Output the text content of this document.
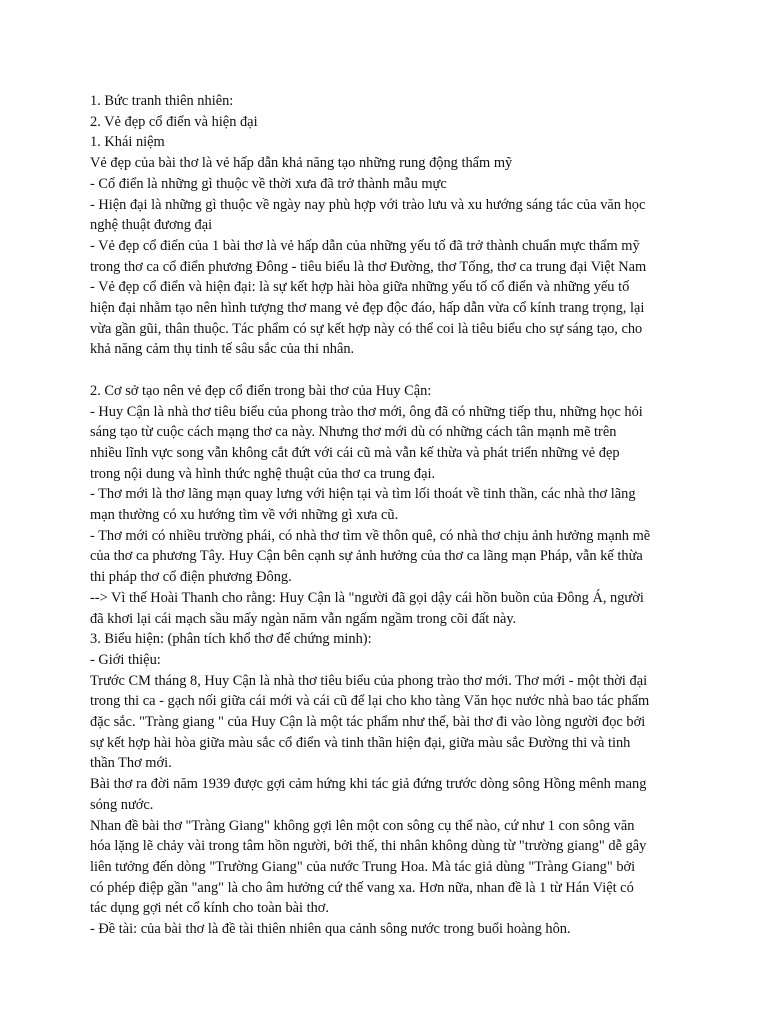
1. Bức tranh thiên nhiên:
2. Vẻ đẹp cổ điển và hiện đại
1. Khái niệm
Vẻ đẹp của bài thơ là vẻ hấp dẫn khả năng tạo những rung động thẩm mỹ
- Cổ điển là những gì thuộc về thời xưa đã trở thành mẫu mực
- Hiện đại là những gì thuộc về ngày nay phù hợp với trào lưu và xu hướng sáng tác của văn học
nghệ thuật đương đại
- Vẻ đẹp cổ điển của 1 bài thơ là vẻ hấp dẫn của những yếu tố đã trở thành chuẩn mực thẩm mỹ
trong thơ ca cổ điển phương Đông - tiêu biểu là thơ Đường, thơ Tống, thơ ca trung đại Việt Nam
- Vẻ đẹp cổ điển và hiện đại: là sự kết hợp hài hòa giữa những yếu tố cổ điển và những yếu tố
hiện đại nhằm tạo nên hình tượng thơ mang vẻ đẹp độc đáo, hấp dẫn vừa cổ kính trang trọng, lại
vừa gần gũi, thân thuộc. Tác phẩm có sự kết hợp này có thể coi là tiêu biểu cho sự sáng tạo, cho
khả năng cảm thụ tinh tế sâu sắc của thi nhân.
2. Cơ sở tạo nên vẻ đẹp cổ điển trong bài thơ của Huy Cận:
- Huy Cận là nhà thơ tiêu biểu của phong trào thơ mới, ông đã có những tiếp thu, những học hỏi
sáng tạo từ cuộc cách mạng thơ ca này. Nhưng thơ mới dù có những cách tân mạnh mẽ trên
nhiều lĩnh vực song vẫn không cắt đứt với cái cũ mà vẫn kế thừa và phát triển những vẻ đẹp
trong nội dung và hình thức nghệ thuật của thơ ca trung đại.
- Thơ mới là thơ lãng mạn quay lưng với hiện tại và tìm lối thoát về tinh thần, các nhà thơ lãng
mạn thường có xu hướng tìm về với những gì xưa cũ.
- Thơ mới có nhiều trường phái, có nhà thơ tìm về thôn quê, có nhà thơ chịu ảnh hưởng mạnh mẽ
của thơ ca phương Tây. Huy Cận bên cạnh sự ảnh hưởng của thơ ca lãng mạn Pháp, vẫn kế thừa
thi pháp thơ cổ điện phương Đông.
--> Vì thế Hoài Thanh cho rằng: Huy Cận là "người đã gọi dậy cái hồn buồn của Đông Á, người
đã khơi lại cái mạch sầu mấy ngàn năm vẫn ngấm ngầm trong cõi đất này.
3. Biểu hiện: (phân tích khổ thơ để chứng minh):
- Giới thiệu:
Trước CM tháng 8, Huy Cận là nhà thơ tiêu biểu của phong trào thơ mới. Thơ mới - một thời đại
trong thi ca - gạch nối giữa cái mới và cái cũ để lại cho kho tàng Văn học nước nhà bao tác phẩm
đặc sắc. "Tràng giang " của Huy Cận là một tác phẩm như thế, bài thơ đi vào lòng người đọc bởi
sự kết hợp hài hòa giữa màu sắc cổ điển và tinh thần hiện đại, giữa màu sắc Đường thi và tinh
thần Thơ mới.
Bài thơ ra đời năm 1939 được gợi cảm hứng khi tác giả đứng trước dòng sông Hồng mênh mang
sóng nước.
Nhan đề bài thơ "Tràng Giang" không gợi lên một con sông cụ thể nào, cứ như 1 con sông văn
hóa lặng lẽ chảy vài trong tâm hồn người, bởi thế, thi nhân không dùng từ "trường giang" dễ gây
liên tưởng đến dòng "Trường Giang" của nước Trung Hoa. Mà tác giả dùng "Tràng Giang" bởi
có phép điệp gần "ang" là cho âm hưởng cứ thế vang xa. Hơn nữa, nhan đề là 1 từ Hán Việt có
tác dụng gợi nét cổ kính cho toàn bài thơ.
- Đề tài: của bài thơ là đề tài thiên nhiên qua cảnh sông nước trong buổi hoàng hôn.
